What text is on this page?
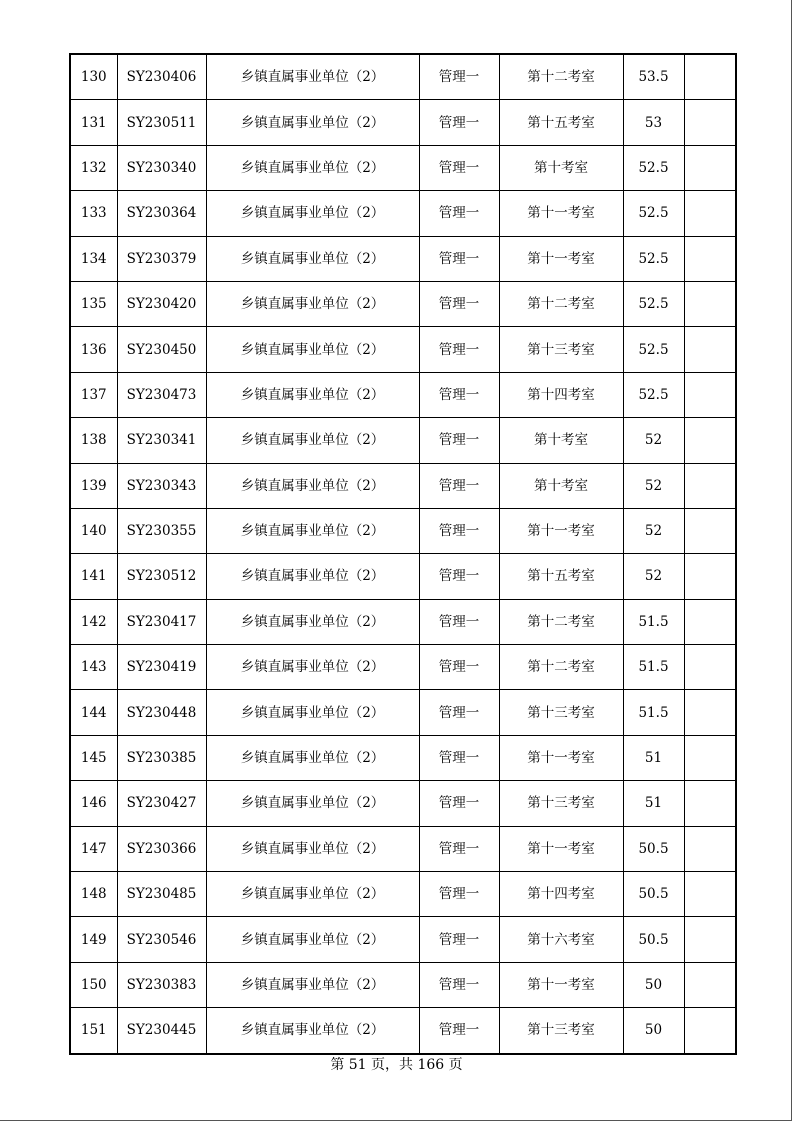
130	SY230406	乡镇直属事业单位（2）	管理一	第十二考室	53.5	
131	SY230511	乡镇直属事业单位（2）	管理一	第十五考室	53	
132	SY230340	乡镇直属事业单位（2）	管理一	第十考室	52.5	
133	SY230364	乡镇直属事业单位（2）	管理一	第十一考室	52.5	
134	SY230379	乡镇直属事业单位（2）	管理一	第十一考室	52.5	
135	SY230420	乡镇直属事业单位（2）	管理一	第十二考室	52.5	
136	SY230450	乡镇直属事业单位（2）	管理一	第十三考室	52.5	
137	SY230473	乡镇直属事业单位（2）	管理一	第十四考室	52.5	
138	SY230341	乡镇直属事业单位（2）	管理一	第十考室	52	
139	SY230343	乡镇直属事业单位（2）	管理一	第十考室	52	
140	SY230355	乡镇直属事业单位（2）	管理一	第十一考室	52	
141	SY230512	乡镇直属事业单位（2）	管理一	第十五考室	52	
142	SY230417	乡镇直属事业单位（2）	管理一	第十二考室	51.5	
143	SY230419	乡镇直属事业单位（2）	管理一	第十二考室	51.5	
144	SY230448	乡镇直属事业单位（2）	管理一	第十三考室	51.5	
145	SY230385	乡镇直属事业单位（2）	管理一	第十一考室	51	
146	SY230427	乡镇直属事业单位（2）	管理一	第十三考室	51	
147	SY230366	乡镇直属事业单位（2）	管理一	第十一考室	50.5	
148	SY230485	乡镇直属事业单位（2）	管理一	第十四考室	50.5	
149	SY230546	乡镇直属事业单位（2）	管理一	第十六考室	50.5	
150	SY230383	乡镇直属事业单位（2）	管理一	第十一考室	50	
151	SY230445	乡镇直属事业单位（2）	管理一	第十三考室	50	
第 51 页，共 166 页
